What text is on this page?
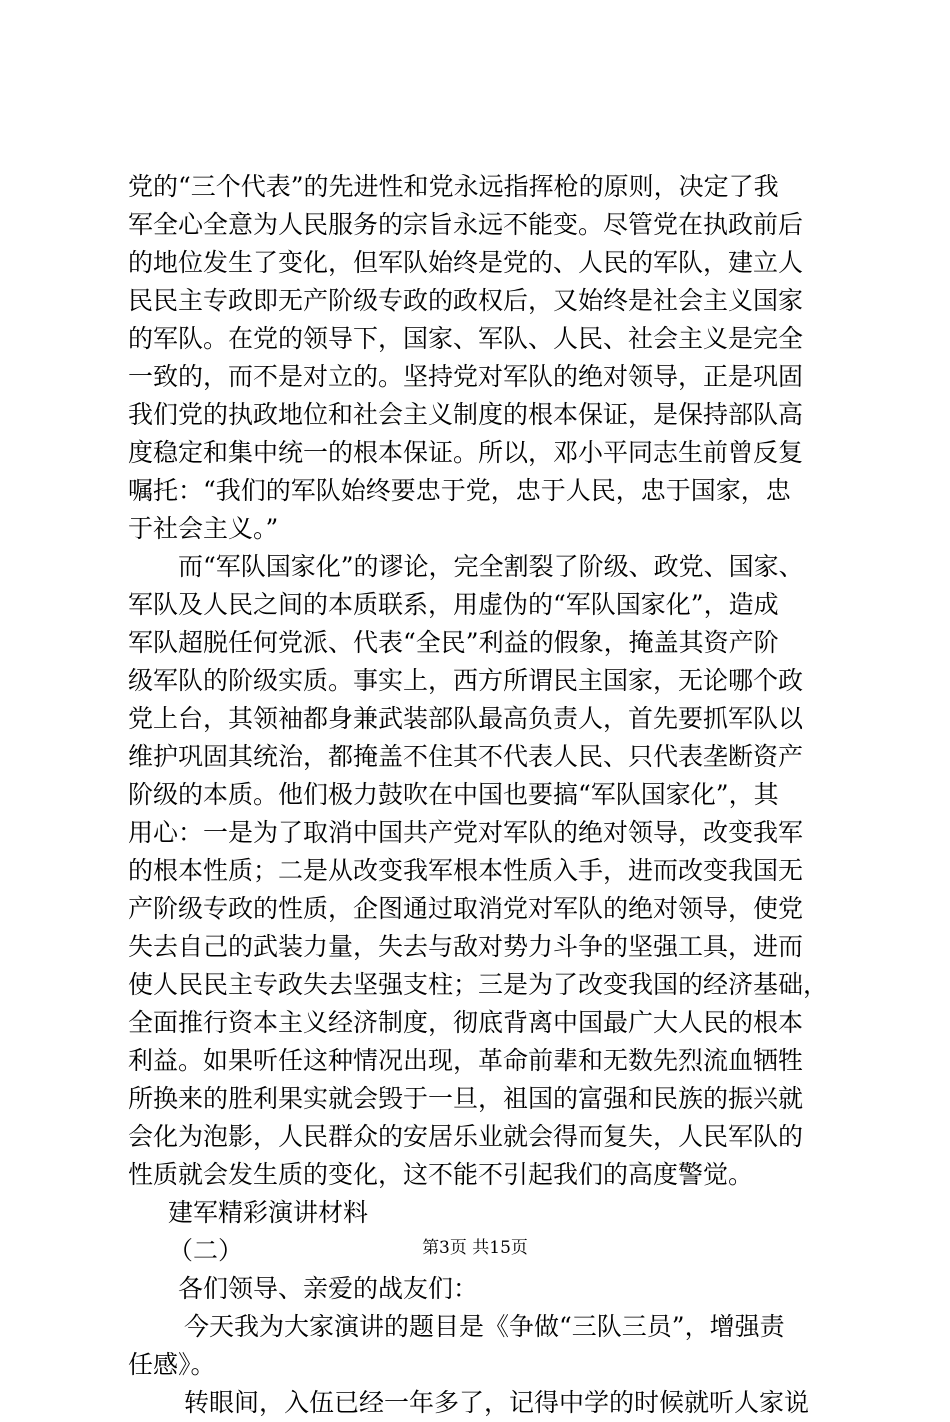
党的“三个代表”的先进性和党永远指挥枪的原则，决定了我
军全心全意为人民服务的宗旨永远不能变。尽管党在执政前后
的地位发生了变化，但军队始终是党的、人民的军队，建立人
民民主专政即无产阶级专政的政权后，又始终是社会主义国家
的军队。在党的领导下，国家、军队、人民、社会主义是完全
一致的，而不是对立的。坚持党对军队的绝对领导，正是巩固
我们党的执政地位和社会主义制度的根本保证，是保持部队高
度稳定和集中统一的根本保证。所以，邓小平同志生前曾反复
嘱托：“我们的军队始终要忠于党，忠于人民，忠于国家，忠
于社会主义。”
而“军队国家化”的谬论，完全割裂了阶级、政党、国家、
军队及人民之间的本质联系，用虚伪的“军队国家化”，造成
军队超脱任何党派、代表“全民”利益的假象，掩盖其资产阶
级军队的阶级实质。事实上，西方所谓民主国家，无论哪个政
党上台，其领袖都身兼武装部队最高负责人，首先要抓军队以
维护巩固其统治，都掩盖不住其不代表人民、只代表垄断资产
阶级的本质。他们极力鼓吹在中国也要搞“军队国家化”，其
用心：一是为了取消中国共产党对军队的绝对领导，改变我军
的根本性质；二是从改变我军根本性质入手，进而改变我国无
产阶级专政的性质，企图通过取消党对军队的绝对领导，使党
失去自己的武装力量，失去与敌对势力斗争的坚强工具，进而
使人民民主专政失去坚强支柱；三是为了改变我国的经济基础，
全面推行资本主义经济制度，彻底背离中国最广大人民的根本
利益。如果听任这种情况出现，革命前辈和无数先烈流血牺牲
所换来的胜利果实就会毁于一旦，祖国的富强和民族的振兴就
会化为泡影，人民群众的安居乐业就会得而复失，人民军队的
性质就会发生质的变化，这不能不引起我们的高度警觉。
建军精彩演讲材料
（二）
各们领导、亲爱的战友们：
今天我为大家演讲的题目是《争做“三队三员”，增强责
任感》。
转眼间，入伍已经一年多了，记得中学的时候就听人家说
第3页 共15页
